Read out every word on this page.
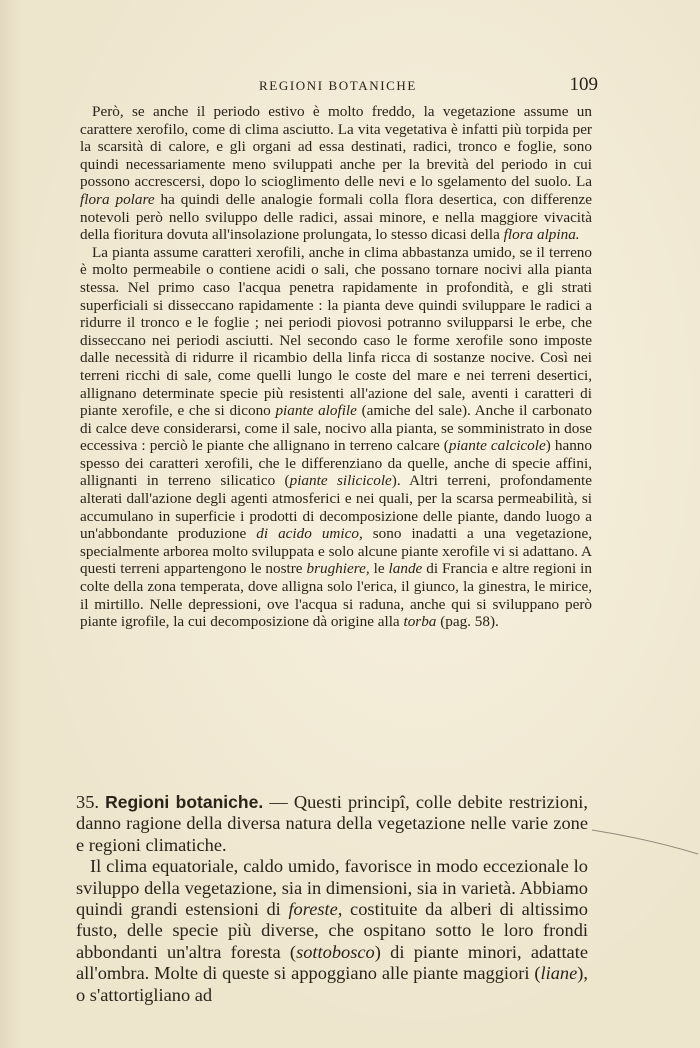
REGIONI BOTANICHE	109

Però, se anche il periodo estivo è molto freddo, la vegetazione assume un carattere xerofilo, come di clima asciutto. La vita vegetativa è infatti più torpida per la scarsità di calore, e gli organi ad essa destinati, radici, tronco e foglie, sono quindi necessariamente meno sviluppati anche per la brevità del periodo in cui possono accrescersi, dopo lo scioglimento delle nevi e lo sgelamento del suolo. La flora polare ha quindi delle analogie formali colla flora desertica, con differenze notevoli però nello sviluppo delle radici, assai minore, e nella maggiore vivacità della fioritura dovuta all'insolazione prolungata, lo stesso dicasi della flora alpina.

La pianta assume caratteri xerofili, anche in clima abbastanza umido, se il terreno è molto permeabile o contiene acidi o sali, che possano tornare nocivi alla pianta stessa. Nel primo caso l'acqua penetra rapidamente in profondità, e gli strati superficiali si disseccano rapidamente : la pianta deve quindi sviluppare le radici a ridurre il tronco e le foglie ; nei periodi piovosi potranno svilupparsi le erbe, che disseccano nei periodi asciutti. Nel secondo caso le forme xerofile sono imposte dalle necessità di ridurre il ricambio della linfa ricca di sostanze nocive. Così nei terreni ricchi di sale, come quelli lungo le coste del mare e nei terreni desertici, allignano determinate specie più resistenti all'azione del sale, aventi i caratteri di piante xerofile, e che si dicono piante alofile (amiche del sale). Anche il carbonato di calce deve considerarsi, come il sale, nocivo alla pianta, se somministrato in dose eccessiva : perciò le piante che allignano in terreno calcare (piante calcicole) hanno spesso dei caratteri xerofili, che le differenziano da quelle, anche di specie affini, allignanti in terreno silicatico (piante silicicole). Altri terreni, profondamente alterati dall'azione degli agenti atmosferici e nei quali, per la scarsa permeabilità, si accumulano in superficie i prodotti di decomposizione delle piante, dando luogo a un'abbondante produzione di acido umico, sono inadatti a una vegetazione, specialmente arborea molto sviluppata e solo alcune piante xerofile vi si adattano. A questi terreni appartengono le nostre brughiere, le lande di Francia e altre regioni in colte della zona temperata, dove alligna solo l'erica, il giunco, la ginestra, le mirice, il mirtillo. Nelle depressioni, ove l'acqua si raduna, anche qui si sviluppano però piante igrofile, la cui decomposizione dà origine alla torba (pag. 58).

35. Regioni botaniche. — Questi principî, colle debite restrizioni, danno ragione della diversa natura della vegetazione nelle varie zone e regioni climatiche.

Il clima equatoriale, caldo umido, favorisce in modo eccezionale lo sviluppo della vegetazione, sia in dimensioni, sia in varietà. Abbiamo quindi grandi estensioni di foreste, costituite da alberi di altissimo fusto, delle specie più diverse, che ospitano sotto le loro frondi abbondanti un'altra foresta (sottobosco) di piante minori, adattate all'ombra. Molte di queste si appoggiano alle piante maggiori (liane), o s'attortigliano ad
